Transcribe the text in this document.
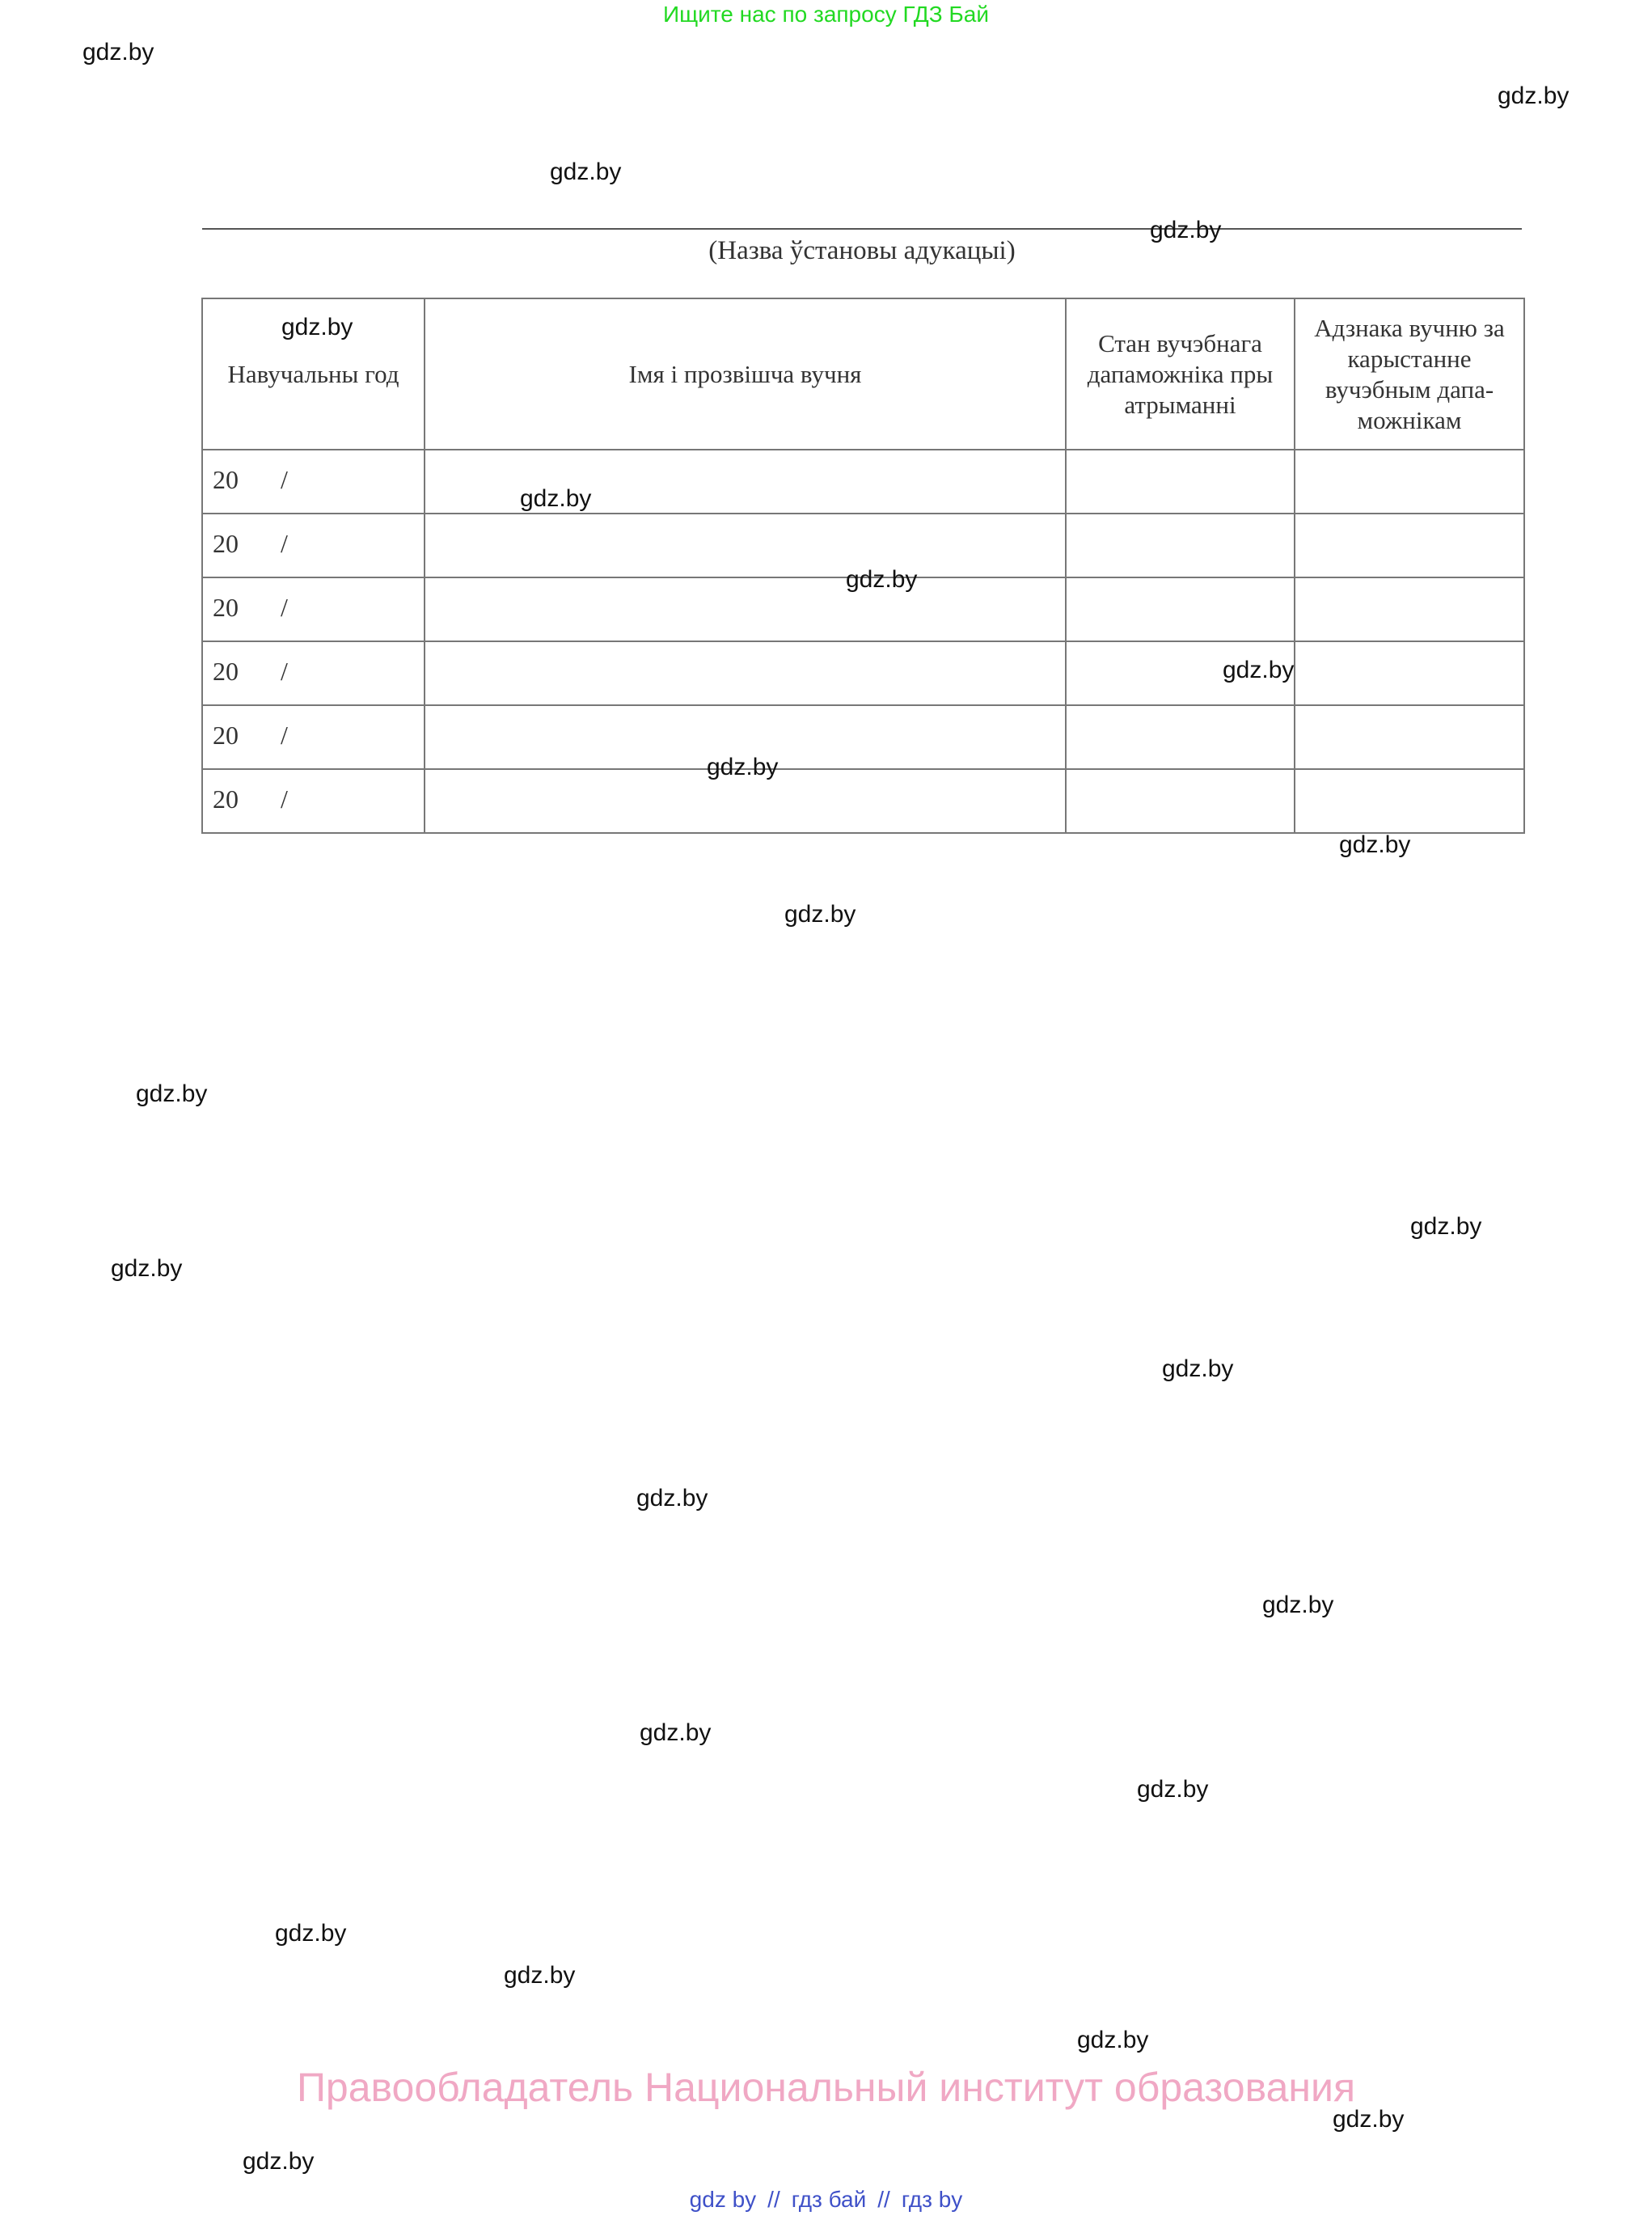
Ищите нас по запросу ГДЗ Бай
gdz.by
gdz.by
gdz.by
gdz.by
gdz.by
gdz.by
gdz.by
gdz.by
gdz.by
gdz.by
gdz.by
gdz.by
gdz.by
gdz.by
gdz.by
gdz.by
gdz.by
gdz.by
gdz.by
gdz.by
gdz.by
gdz.by
gdz.by
gdz.by
(Назва ўстановы адукацыі)
Навучальны год	Імя і прозвішча вучня	Стан вучэбнага дапаможніка пры атрыманні	Адзнака вучню за карыстанне вучэбным дапа-можнікам

20 /			

20 /			

20 /			

20 /			

20 /			

20 /			

Правообладатель Национальный институт образования
gdz by // гдз бай // гдз by
